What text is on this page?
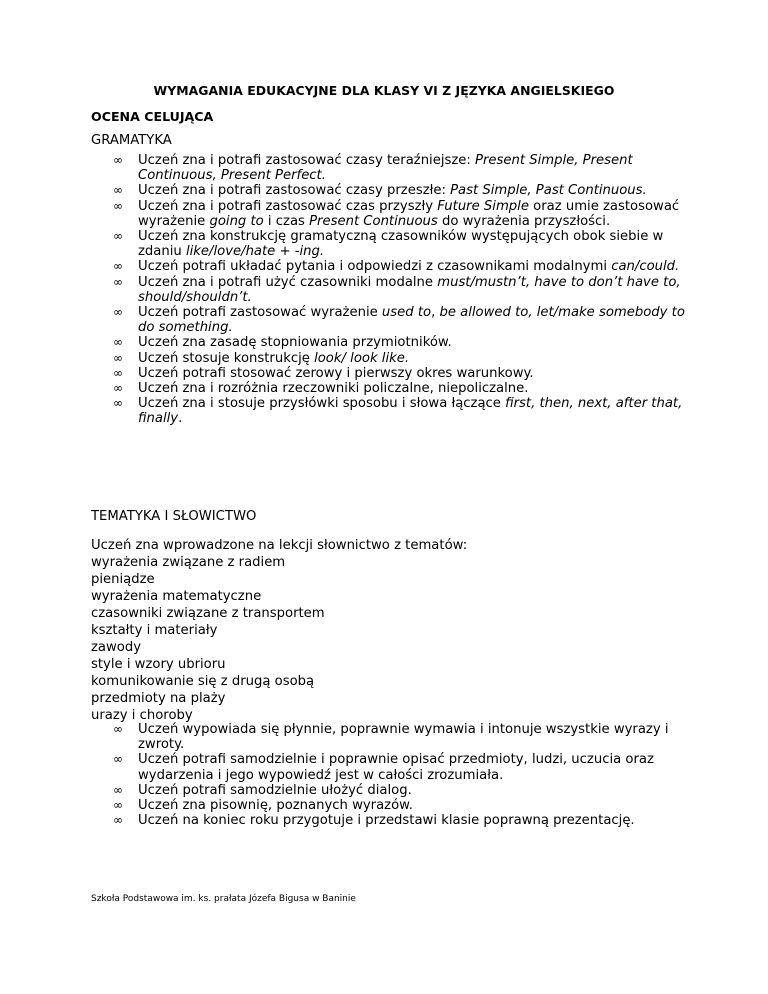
WYMAGANIA EDUKACYJNE DLA KLASY VI Z JĘZYKA ANGIELSKIEGO
OCENA CELUJĄCA
GRAMATYKA
∞ Uczeń zna i potrafi zastosować czasy teraźniejsze: Present Simple, Present Continuous, Present Perfect.
∞ Uczeń zna i potrafi zastosować czasy przeszłe: Past Simple, Past Continuous.
∞ Uczeń zna i potrafi zastosować czas przyszły Future Simple oraz umie zastosować wyrażenie going to i czas Present Continuous do wyrażenia przyszłości.
∞ Uczeń zna konstrukcję gramatyczną czasowników występujących obok siebie w zdaniu like/love/hate + -ing.
∞ Uczeń potrafi układać pytania i odpowiedzi z czasownikami modalnymi can/could.
∞ Uczeń zna i potrafi użyć czasowniki modalne must/mustn’t, have to don’t have to, should/shouldn’t.
∞ Uczeń potrafi zastosować wyrażenie used to, be allowed to, let/make somebody to do something.
∞ Uczeń zna zasadę stopniowania przymiotników.
∞ Uczeń stosuje konstrukcję look/ look like.
∞ Uczeń potrafi stosować zerowy i pierwszy okres warunkowy.
∞ Uczeń zna i rozróżnia rzeczowniki policzalne, niepoliczalne.
∞ Uczeń zna i stosuje przysłówki sposobu i słowa łączące first, then, next, after that, finally.
TEMATYKA I SŁOWICTWO
Uczeń zna wprowadzone na lekcji słownictwo z tematów:
wyrażenia związane z radiem
pieniądze
wyrażenia matematyczne
czasowniki związane z transportem
kształty i materiały
zawody
style i wzory ubrioru
komunikowanie się z drugą osobą
przedmioty na plaży
urazy i choroby
∞ Uczeń wypowiada się płynnie, poprawnie wymawia i intonuje wszystkie wyrazy i zwroty.
∞ Uczeń potrafi samodzielnie i poprawnie opisać przedmioty, ludzi, uczucia oraz wydarzenia i jego wypowiedź jest w całości zrozumiała.
∞ Uczeń potrafi samodzielnie ułożyć dialog.
∞ Uczeń zna pisownię, poznanych wyrazów.
∞ Uczeń na koniec roku przygotuje i przedstawi klasie poprawną prezentację.
Szkoła Podstawowa im. ks. prałata Józefa Bigusa w Baninie
